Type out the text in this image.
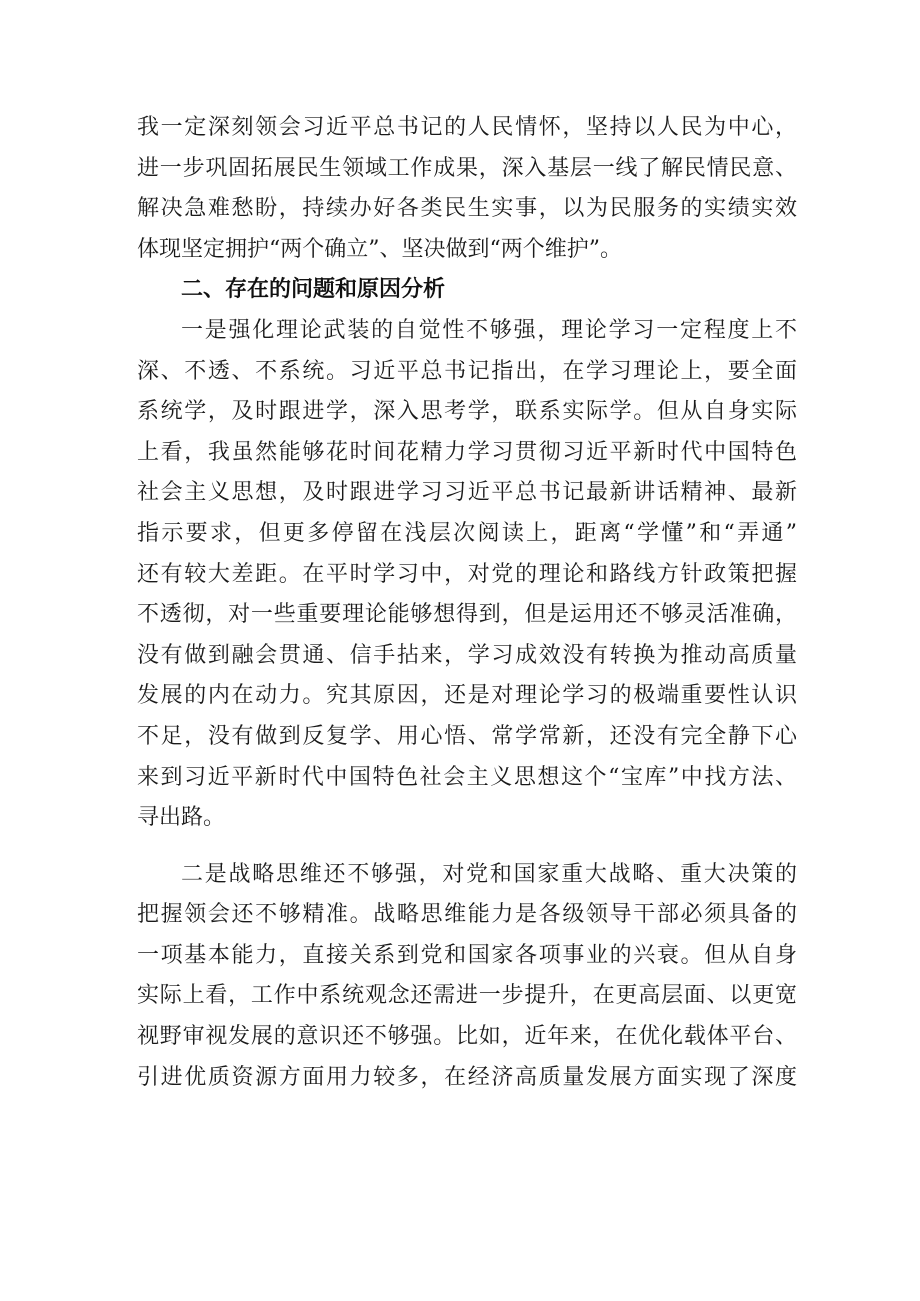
我一定深刻领会习近平总书记的人民情怀，坚持以人民为中心，
进一步巩固拓展民生领域工作成果，深入基层一线了解民情民意、
解决急难愁盼，持续办好各类民生实事，以为民服务的实绩实效
体现坚定拥护“两个确立”、坚决做到“两个维护”。
二、存在的问题和原因分析
一是强化理论武装的自觉性不够强，理论学习一定程度上不
深、不透、不系统。习近平总书记指出，在学习理论上，要全面
系统学，及时跟进学，深入思考学，联系实际学。但从自身实际
上看，我虽然能够花时间花精力学习贯彻习近平新时代中国特色
社会主义思想，及时跟进学习习近平总书记最新讲话精神、最新
指示要求，但更多停留在浅层次阅读上，距离“学懂”和“弄通”
还有较大差距。在平时学习中，对党的理论和路线方针政策把握
不透彻，对一些重要理论能够想得到，但是运用还不够灵活准确，
没有做到融会贯通、信手拈来，学习成效没有转换为推动高质量
发展的内在动力。究其原因，还是对理论学习的极端重要性认识
不足，没有做到反复学、用心悟、常学常新，还没有完全静下心
来到习近平新时代中国特色社会主义思想这个“宝库”中找方法、
寻出路。
二是战略思维还不够强，对党和国家重大战略、重大决策的
把握领会还不够精准。战略思维能力是各级领导干部必须具备的
一项基本能力，直接关系到党和国家各项事业的兴衰。但从自身
实际上看，工作中系统观念还需进一步提升，在更高层面、以更宽
视野审视发展的意识还不够强。比如，近年来，在优化载体平台、
引进优质资源方面用力较多，在经济高质量发展方面实现了深度
